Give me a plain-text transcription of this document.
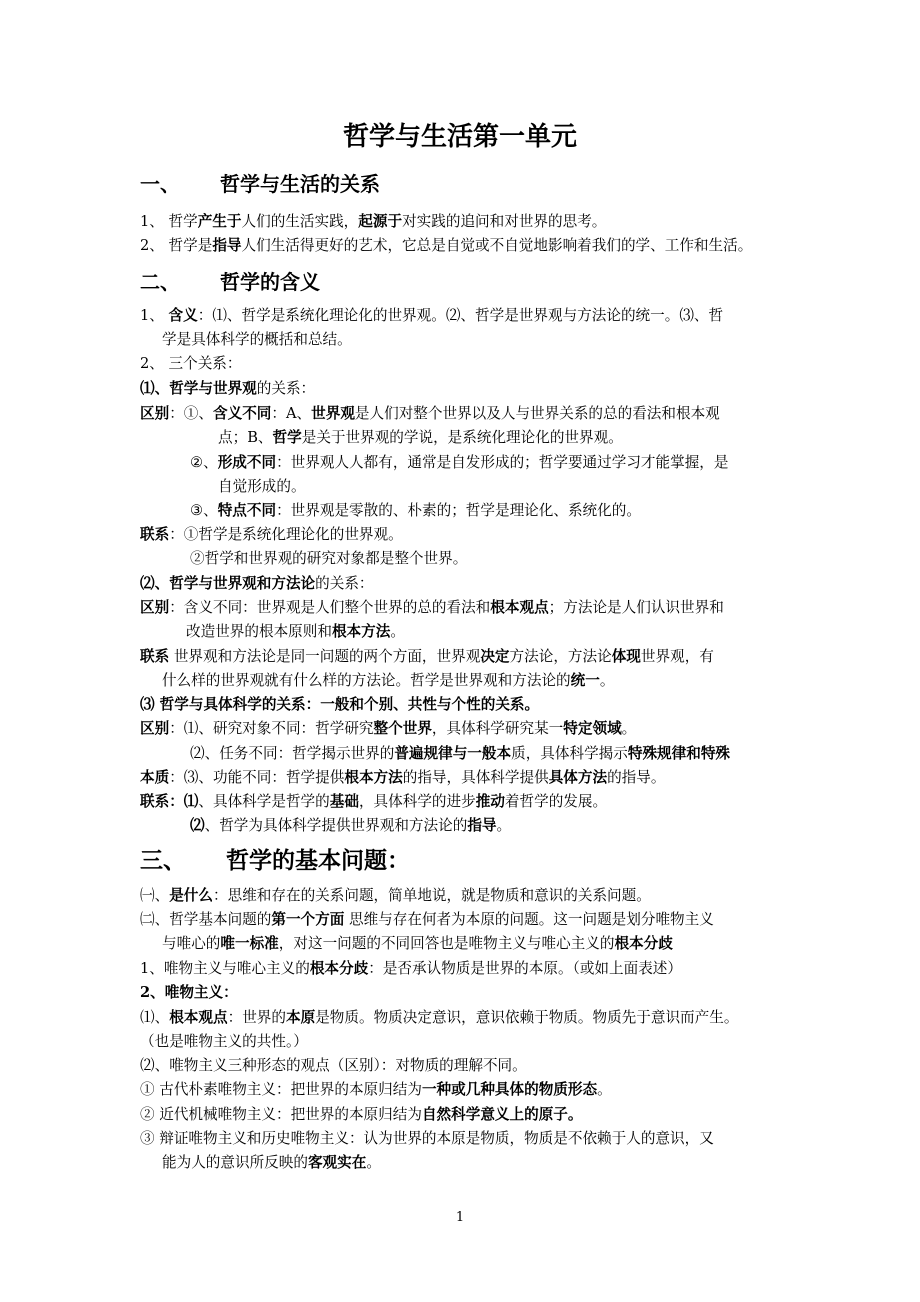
哲学与生活第一单元
一、 哲学与生活的关系
二、 哲学的含义
三、 哲学的基本问题：
1、 哲学产生于人们的生活实践，起源于对实践的追问和对世界的思考。
2、 哲学是指导人们生活得更好的艺术，它总是自觉或不自觉地影响着我们的学、工作和生活。
1、 含义：⑴、哲学是系统化理论化的世界观。⑵、哲学是世界观与方法论的统一。⑶、哲
学是具体科学的概括和总结。
2、 三个关系：
⑴、哲学与世界观的关系：
区别：①、含义不同：A、世界观是人们对整个世界以及人与世界关系的总的看法和根本观
点；B、哲学是关于世界观的学说，是系统化理论化的世界观。
②、形成不同：世界观人人都有，通常是自发形成的；哲学要通过学习才能掌握，是
自觉形成的。
③、特点不同：世界观是零散的、朴素的；哲学是理论化、系统化的。
联系：①哲学是系统化理论化的世界观。
②哲学和世界观的研究对象都是整个世界。
⑵、哲学与世界观和方法论的关系：
区别：含义不同：世界观是人们整个世界的总的看法和根本观点；方法论是人们认识世界和
改造世界的根本原则和根本方法。
联系 世界观和方法论是同一问题的两个方面，世界观决定方法论，方法论体现世界观，有
什么样的世界观就有什么样的方法论。哲学是世界观和方法论的统一。
⑶ 哲学与具体科学的关系：一般和个别、共性与个性的关系。
区别：⑴、研究对象不同：哲学研究整个世界，具体科学研究某一特定领域。
⑵、任务不同：哲学揭示世界的普遍规律与一般本质，具体科学揭示特殊规律和特殊
本质：⑶、功能不同：哲学提供根本方法的指导，具体科学提供具体方法的指导。
联系：⑴、具体科学是哲学的基础，具体科学的进步推动着哲学的发展。
⑵、哲学为具体科学提供世界观和方法论的指导。
㈠、是什么：思维和存在的关系问题，简单地说，就是物质和意识的关系问题。
㈡、哲学基本问题的第一个方面 思维与存在何者为本原的问题。这一问题是划分唯物主义
与唯心的唯一标准，对这一问题的不同回答也是唯物主义与唯心主义的根本分歧
1、唯物主义与唯心主义的根本分歧：是否承认物质是世界的本原。（或如上面表述）
2、唯物主义：
⑴、根本观点：世界的本原是物质。物质决定意识，意识依赖于物质。物质先于意识而产生。
（也是唯物主义的共性。）
⑵、唯物主义三种形态的观点（区别）：对物质的理解不同。
① 古代朴素唯物主义：把世界的本原归结为一种或几种具体的物质形态。
② 近代机械唯物主义：把世界的本原归结为自然科学意义上的原子。
③ 辩证唯物主义和历史唯物主义：认为世界的本原是物质，物质是不依赖于人的意识，又
能为人的意识所反映的客观实在。
1
